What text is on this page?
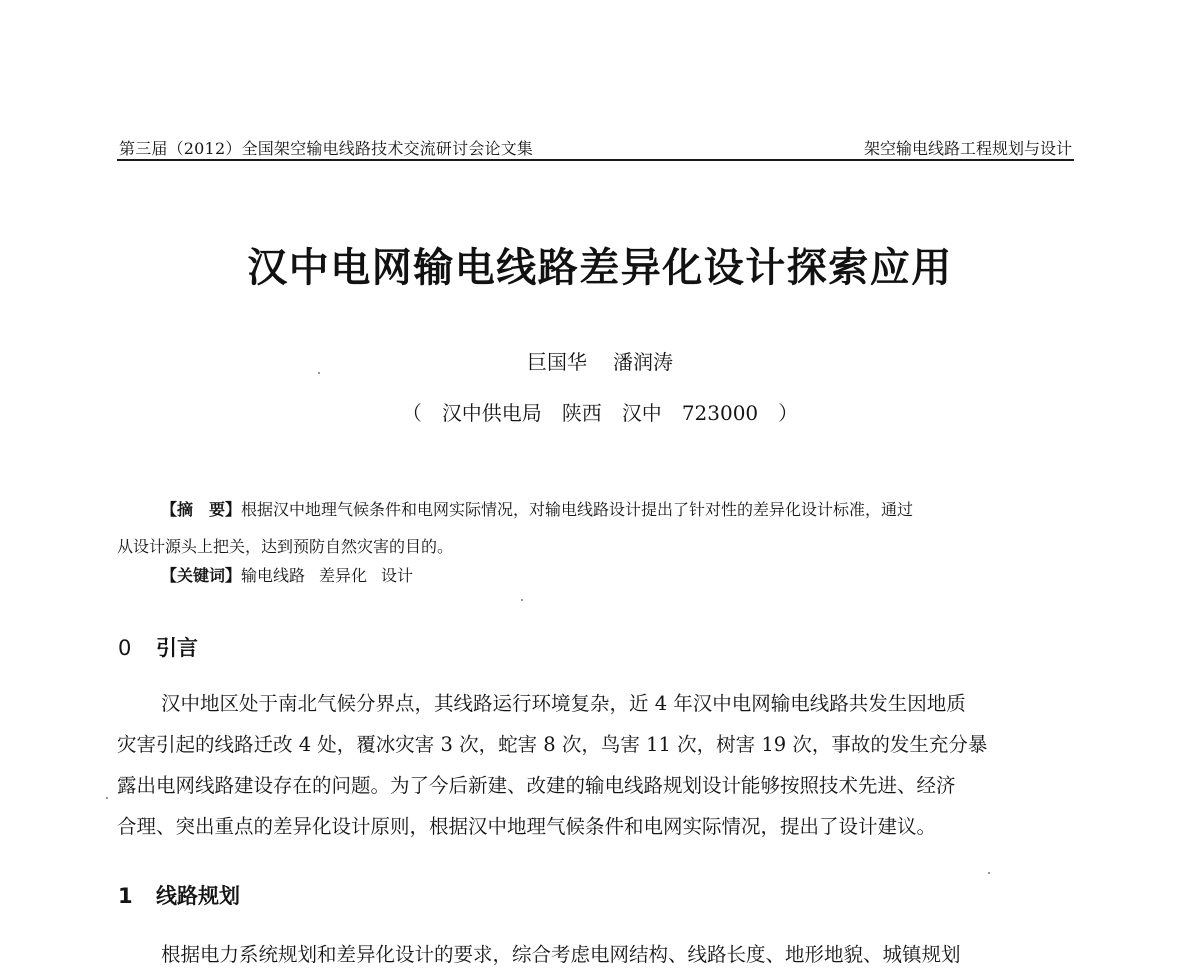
第三届（2012）全国架空输电线路技术交流研讨会论文集	架空输电线路工程规划与设计
汉中电网输电线路差异化设计探索应用
巨国华 潘润涛
（ 汉中供电局 陕西 汉中 723000 ）
【摘　要】根据汉中地理气候条件和电网实际情况，对输电线路设计提出了针对性的差异化设计标准，通过
从设计源头上把关，达到预防自然灾害的目的。
【关键词】输电线路 差异化 设计
0 引言
汉中地区处于南北气候分界点，其线路运行环境复杂，近 4 年汉中电网输电线路共发生因地质
灾害引起的线路迁改 4 处，覆冰灾害 3 次，蛇害 8 次，鸟害 11 次，树害 19 次，事故的发生充分暴
露出电网线路建设存在的问题。为了今后新建、改建的输电线路规划设计能够按照技术先进、经济
合理、突出重点的差异化设计原则，根据汉中地理气候条件和电网实际情况，提出了设计建议。
1 线路规划
根据电力系统规划和差异化设计的要求，综合考虑电网结构、线路长度、地形地貌、城镇规划
